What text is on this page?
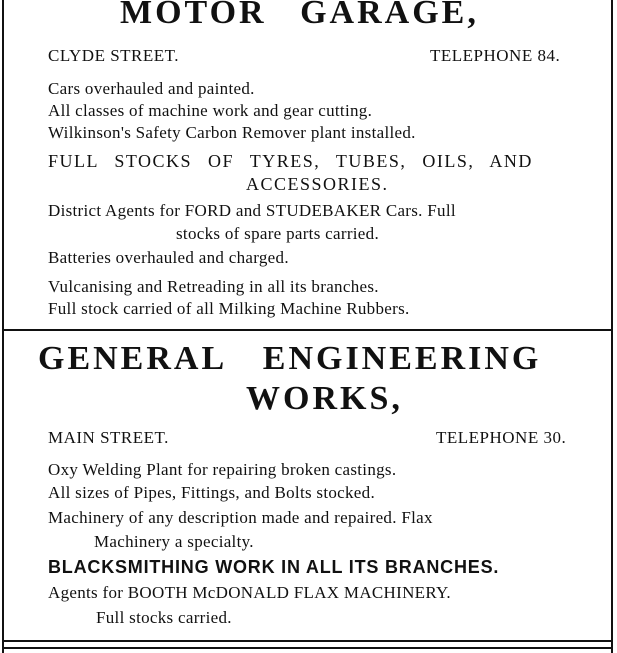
MOTOR GARAGE,
CLYDE STREET.	TELEPHONE 84.
Cars overhauled and painted.
All classes of machine work and gear cutting.
Wilkinson's Safety Carbon Remover plant installed.
FULL STOCKS OF TYRES, TUBES, OILS, AND
ACCESSORIES.
District Agents for FORD and STUDEBAKER Cars. Full
stocks of spare parts carried.
Batteries overhauled and charged.
Vulcanising and Retreading in all its branches.
Full stock carried of all Milking Machine Rubbers.
GENERAL ENGINEERING
WORKS,
MAIN STREET.	TELEPHONE 30.
Oxy Welding Plant for repairing broken castings.
All sizes of Pipes, Fittings, and Bolts stocked.
Machinery of any description made and repaired. Flax
Machinery a specialty.
BLACKSMITHING WORK IN ALL ITS BRANCHES.
Agents for BOOTH McDONALD FLAX MACHINERY.
Full stocks carried.
